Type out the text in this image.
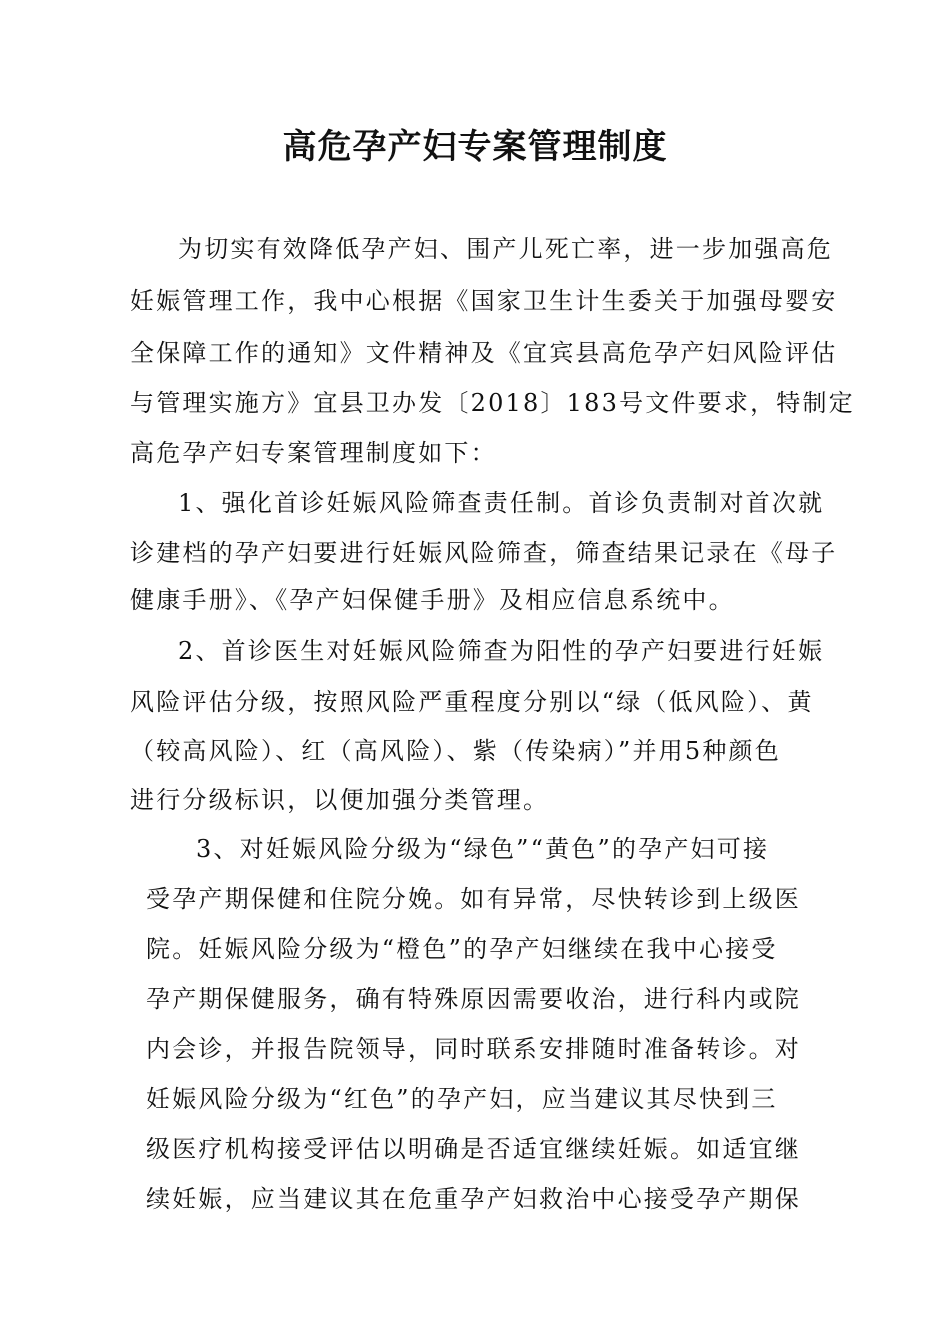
高危孕产妇专案管理制度
为切实有效降低孕产妇、围产儿死亡率，进一步加强高危
妊娠管理工作，我中心根据《国家卫生计生委关于加强母婴安
全保障工作的通知》文件精神及《宜宾县高危孕产妇风险评估
与管理实施方》宜县卫办发〔2018〕183号文件要求，特制定
高危孕产妇专案管理制度如下：
1、强化首诊妊娠风险筛查责任制。首诊负责制对首次就
诊建档的孕产妇要进行妊娠风险筛查，筛查结果记录在《母子
健康手册》、《孕产妇保健手册》及相应信息系统中。
2、首诊医生对妊娠风险筛查为阳性的孕产妇要进行妊娠
风险评估分级，按照风险严重程度分别以“绿（低风险）、黄
（较高风险）、红（高风险）、紫（传染病）”并用5种颜色
进行分级标识，以便加强分类管理。
3、对妊娠风险分级为“绿色”“黄色”的孕产妇可接
受孕产期保健和住院分娩。如有异常，尽快转诊到上级医
院。妊娠风险分级为“橙色”的孕产妇继续在我中心接受
孕产期保健服务，确有特殊原因需要收治，进行科内或院
内会诊，并报告院领导，同时联系安排随时准备转诊。对
妊娠风险分级为“红色”的孕产妇，应当建议其尽快到三
级医疗机构接受评估以明确是否适宜继续妊娠。如适宜继
续妊娠，应当建议其在危重孕产妇救治中心接受孕产期保
